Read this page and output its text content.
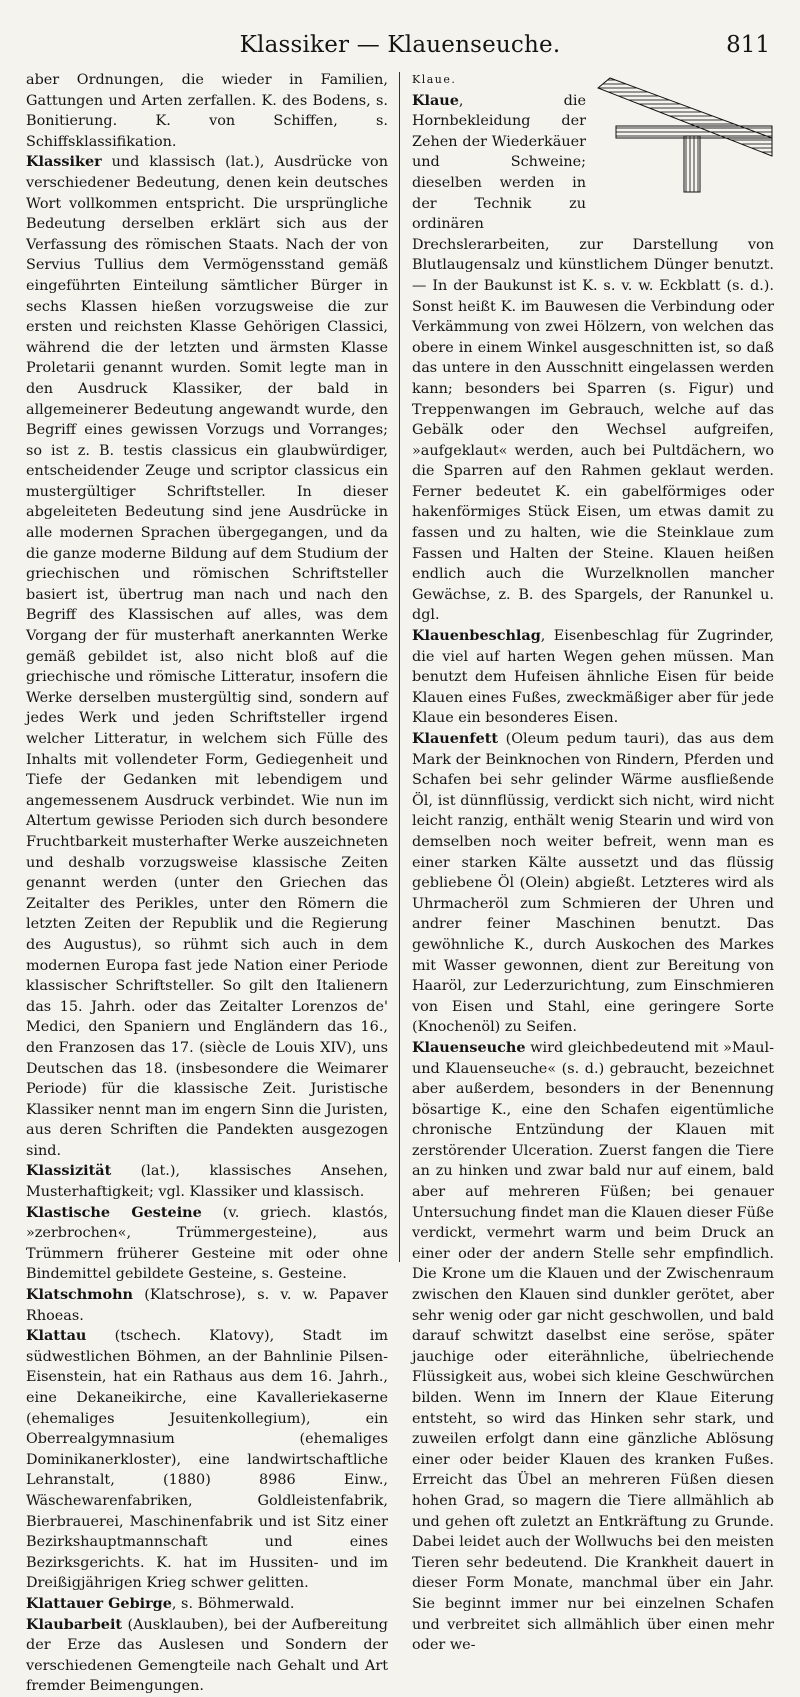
Klassiker — Klauenseuche.	811

aber Ordnungen, die wieder in Familien, Gattungen und Arten zerfallen. K. des Bodens, s. Bonitierung. K. von Schiffen, s. Schiffsklassifikation.

Klassiker und klassisch (lat.), Ausdrücke von verschiedener Bedeutung, denen kein deutsches Wort vollkommen entspricht. Die ursprüngliche Bedeutung derselben erklärt sich aus der Verfassung des römischen Staats. Nach der von Servius Tullius dem Vermögensstand gemäß eingeführten Einteilung sämtlicher Bürger in sechs Klassen hießen vorzugsweise die zur ersten und reichsten Klasse Gehörigen Classici, während die der letzten und ärmsten Klasse Proletarii genannt wurden. Somit legte man in den Ausdruck Klassiker, der bald in allgemeinerer Bedeutung angewandt wurde, den Begriff eines gewissen Vorzugs und Vorranges; so ist z. B. testis classicus ein glaubwürdiger, entscheidender Zeuge und scriptor classicus ein mustergültiger Schriftsteller. In dieser abgeleiteten Bedeutung sind jene Ausdrücke in alle modernen Sprachen übergegangen, und da die ganze moderne Bildung auf dem Studium der griechischen und römischen Schriftsteller basiert ist, übertrug man nach und nach den Begriff des Klassischen auf alles, was dem Vorgang der für musterhaft anerkannten Werke gemäß gebildet ist, also nicht bloß auf die griechische und römische Litteratur, insofern die Werke derselben mustergültig sind, sondern auf jedes Werk und jeden Schriftsteller irgend welcher Litteratur, in welchem sich Fülle des Inhalts mit vollendeter Form, Gediegenheit und Tiefe der Gedanken mit lebendigem und angemessenem Ausdruck verbindet. Wie nun im Altertum gewisse Perioden sich durch besondere Fruchtbarkeit musterhafter Werke auszeichneten und deshalb vorzugsweise klassische Zeiten genannt werden (unter den Griechen das Zeitalter des Perikles, unter den Römern die letzten Zeiten der Republik und die Regierung des Augustus), so rühmt sich auch in dem modernen Europa fast jede Nation einer Periode klassischer Schriftsteller. So gilt den Italienern das 15. Jahrh. oder das Zeitalter Lorenzos de' Medici, den Spaniern und Engländern das 16., den Franzosen das 17. (siècle de Louis XIV), uns Deutschen das 18. (insbesondere die Weimarer Periode) für die klassische Zeit. Juristische Klassiker nennt man im engern Sinn die Juristen, aus deren Schriften die Pandekten ausgezogen sind.

Klassizität (lat.), klassisches Ansehen, Musterhaftigkeit; vgl. Klassiker und klassisch.

Klastische Gesteine (v. griech. klastós, »zerbrochen«, Trümmergesteine), aus Trümmern früherer Gesteine mit oder ohne Bindemittel gebildete Gesteine, s. Gesteine.

Klatschmohn (Klatschrose), s. v. w. Papaver Rhoeas.

Klattau (tschech. Klatovy), Stadt im südwestlichen Böhmen, an der Bahnlinie Pilsen-Eisenstein, hat ein Rathaus aus dem 16. Jahrh., eine Dekaneikirche, eine Kavalleriekaserne (ehemaliges Jesuitenkollegium), ein Oberrealgymnasium (ehemaliges Dominikanerkloster), eine landwirtschaftliche Lehranstalt, (1880) 8986 Einw., Wäschewarenfabriken, Goldleistenfabrik, Bierbrauerei, Maschinenfabrik und ist Sitz einer Bezirkshauptmannschaft und eines Bezirksgerichts. K. hat im Hussiten- und im Dreißigjährigen Krieg schwer gelitten.

Klattauer Gebirge, s. Böhmerwald.

Klaubarbeit (Ausklauben), bei der Aufbereitung der Erze das Auslesen und Sondern der verschiedenen Gemengteile nach Gehalt und Art fremder Beimengungen.

Klaue.
Klaue, die Hornbekleidung der Zehen der Wiederkäuer und Schweine; dieselben werden in der Technik zu ordinären Drechslerarbeiten, zur Darstellung von Blutlaugensalz und künstlichem Dünger benutzt. — In der Baukunst ist K. s. v. w. Eckblatt (s. d.). Sonst heißt K. im Bauwesen die Verbindung oder Verkämmung von zwei Hölzern, von welchen das obere in einem Winkel ausgeschnitten ist, so daß das untere in den Ausschnitt eingelassen werden kann; besonders bei Sparren (s. Figur) und Treppenwangen im Gebrauch, welche auf das Gebälk oder den Wechsel aufgreifen, »aufgeklaut« werden, auch bei Pultdächern, wo die Sparren auf den Rahmen geklaut werden. Ferner bedeutet K. ein gabelförmiges oder hakenförmiges Stück Eisen, um etwas damit zu fassen und zu halten, wie die Steinklaue zum Fassen und Halten der Steine. Klauen heißen endlich auch die Wurzelknollen mancher Gewächse, z. B. des Spargels, der Ranunkel u. dgl.

Klauenbeschlag, Eisenbeschlag für Zugrinder, die viel auf harten Wegen gehen müssen. Man benutzt dem Hufeisen ähnliche Eisen für beide Klauen eines Fußes, zweckmäßiger aber für jede Klaue ein besonderes Eisen.

Klauenfett (Oleum pedum tauri), das aus dem Mark der Beinknochen von Rindern, Pferden und Schafen bei sehr gelinder Wärme ausfließende Öl, ist dünnflüssig, verdickt sich nicht, wird nicht leicht ranzig, enthält wenig Stearin und wird von demselben noch weiter befreit, wenn man es einer starken Kälte aussetzt und das flüssig gebliebene Öl (Olein) abgießt. Letzteres wird als Uhrmacheröl zum Schmieren der Uhren und andrer feiner Maschinen benutzt. Das gewöhnliche K., durch Auskochen des Markes mit Wasser gewonnen, dient zur Bereitung von Haaröl, zur Lederzurichtung, zum Einschmieren von Eisen und Stahl, eine geringere Sorte (Knochenöl) zu Seifen.

Klauenseuche wird gleichbedeutend mit »Maul- und Klauenseuche« (s. d.) gebraucht, bezeichnet aber außerdem, besonders in der Benennung bösartige K., eine den Schafen eigentümliche chronische Entzündung der Klauen mit zerstörender Ulceration. Zuerst fangen die Tiere an zu hinken und zwar bald nur auf einem, bald aber auf mehreren Füßen; bei genauer Untersuchung findet man die Klauen dieser Füße verdickt, vermehrt warm und beim Druck an einer oder der andern Stelle sehr empfindlich. Die Krone um die Klauen und der Zwischenraum zwischen den Klauen sind dunkler gerötet, aber sehr wenig oder gar nicht geschwollen, und bald darauf schwitzt daselbst eine seröse, später jauchige oder eiterähnliche, übelriechende Flüssigkeit aus, wobei sich kleine Geschwürchen bilden. Wenn im Innern der Klaue Eiterung entsteht, so wird das Hinken sehr stark, und zuweilen erfolgt dann eine gänzliche Ablösung einer oder beider Klauen des kranken Fußes. Erreicht das Übel an mehreren Füßen diesen hohen Grad, so magern die Tiere allmählich ab und gehen oft zuletzt an Entkräftung zu Grunde. Dabei leidet auch der Wollwuchs bei den meisten Tieren sehr bedeutend. Die Krankheit dauert in dieser Form Monate, manchmal über ein Jahr. Sie beginnt immer nur bei einzelnen Schafen und verbreitet sich allmählich über einen mehr oder we-
